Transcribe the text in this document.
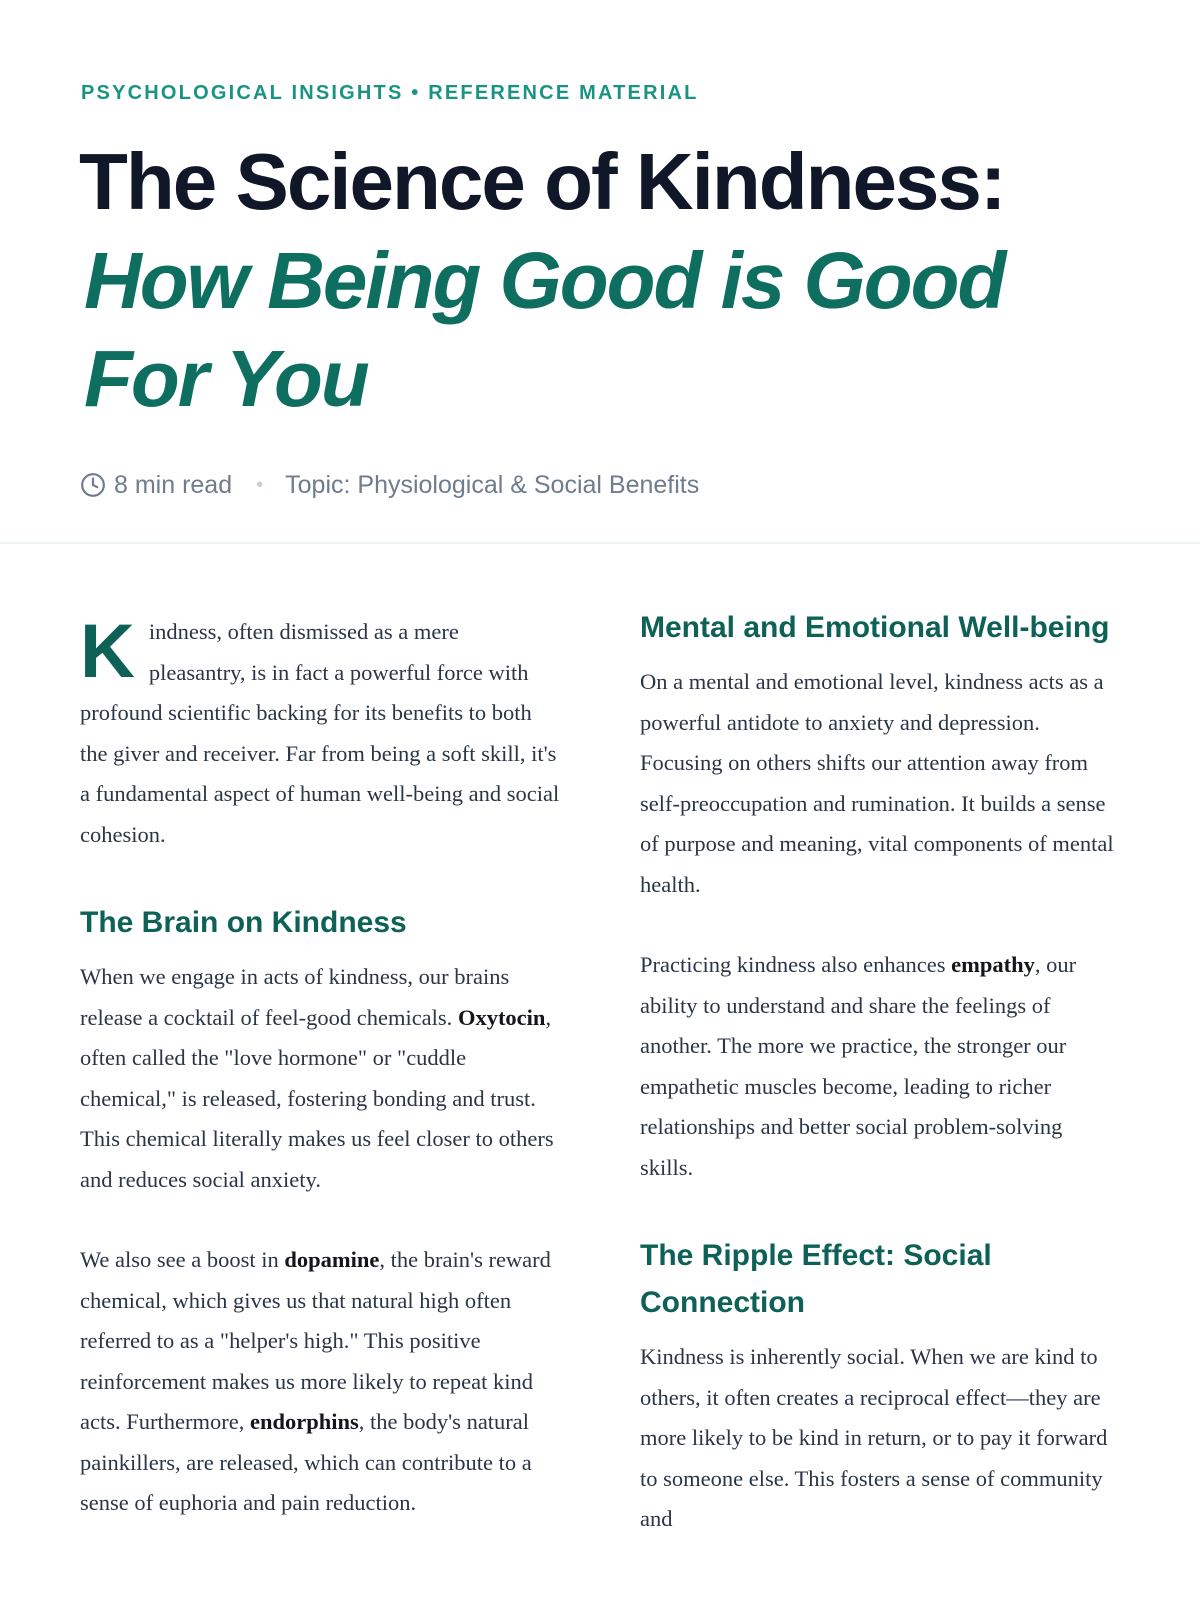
PSYCHOLOGICAL INSIGHTS • REFERENCE MATERIAL
The Science of Kindness:
How Being Good is Good For You
8 min read • Topic: Physiological & Social Benefits

Kindness, often dismissed as a mere pleasantry, is in fact a powerful force with profound scientific backing for its benefits to both the giver and receiver. Far from being a soft skill, it's a fundamental aspect of human well-being and social cohesion.

The Brain on Kindness

When we engage in acts of kindness, our brains release a cocktail of feel-good chemicals. Oxytocin, often called the "love hormone" or "cuddle chemical," is released, fostering bonding and trust. This chemical literally makes us feel closer to others and reduces social anxiety.

We also see a boost in dopamine, the brain's reward chemical, which gives us that natural high often referred to as a "helper's high." This positive reinforcement makes us more likely to repeat kind acts. Furthermore, endorphins, the body's natural painkillers, are released, which can contribute to a sense of euphoria and pain reduction.

Mental and Emotional Well-being

On a mental and emotional level, kindness acts as a powerful antidote to anxiety and depression. Focusing on others shifts our attention away from self-preoccupation and rumination. It builds a sense of purpose and meaning, vital components of mental health.

Practicing kindness also enhances empathy, our ability to understand and share the feelings of another. The more we practice, the stronger our empathetic muscles become, leading to richer relationships and better social problem-solving skills.

The Ripple Effect: Social Connection

Kindness is inherently social. When we are kind to others, it often creates a reciprocal effect—they are more likely to be kind in return, or to pay it forward to someone else. This fosters a sense of community and
